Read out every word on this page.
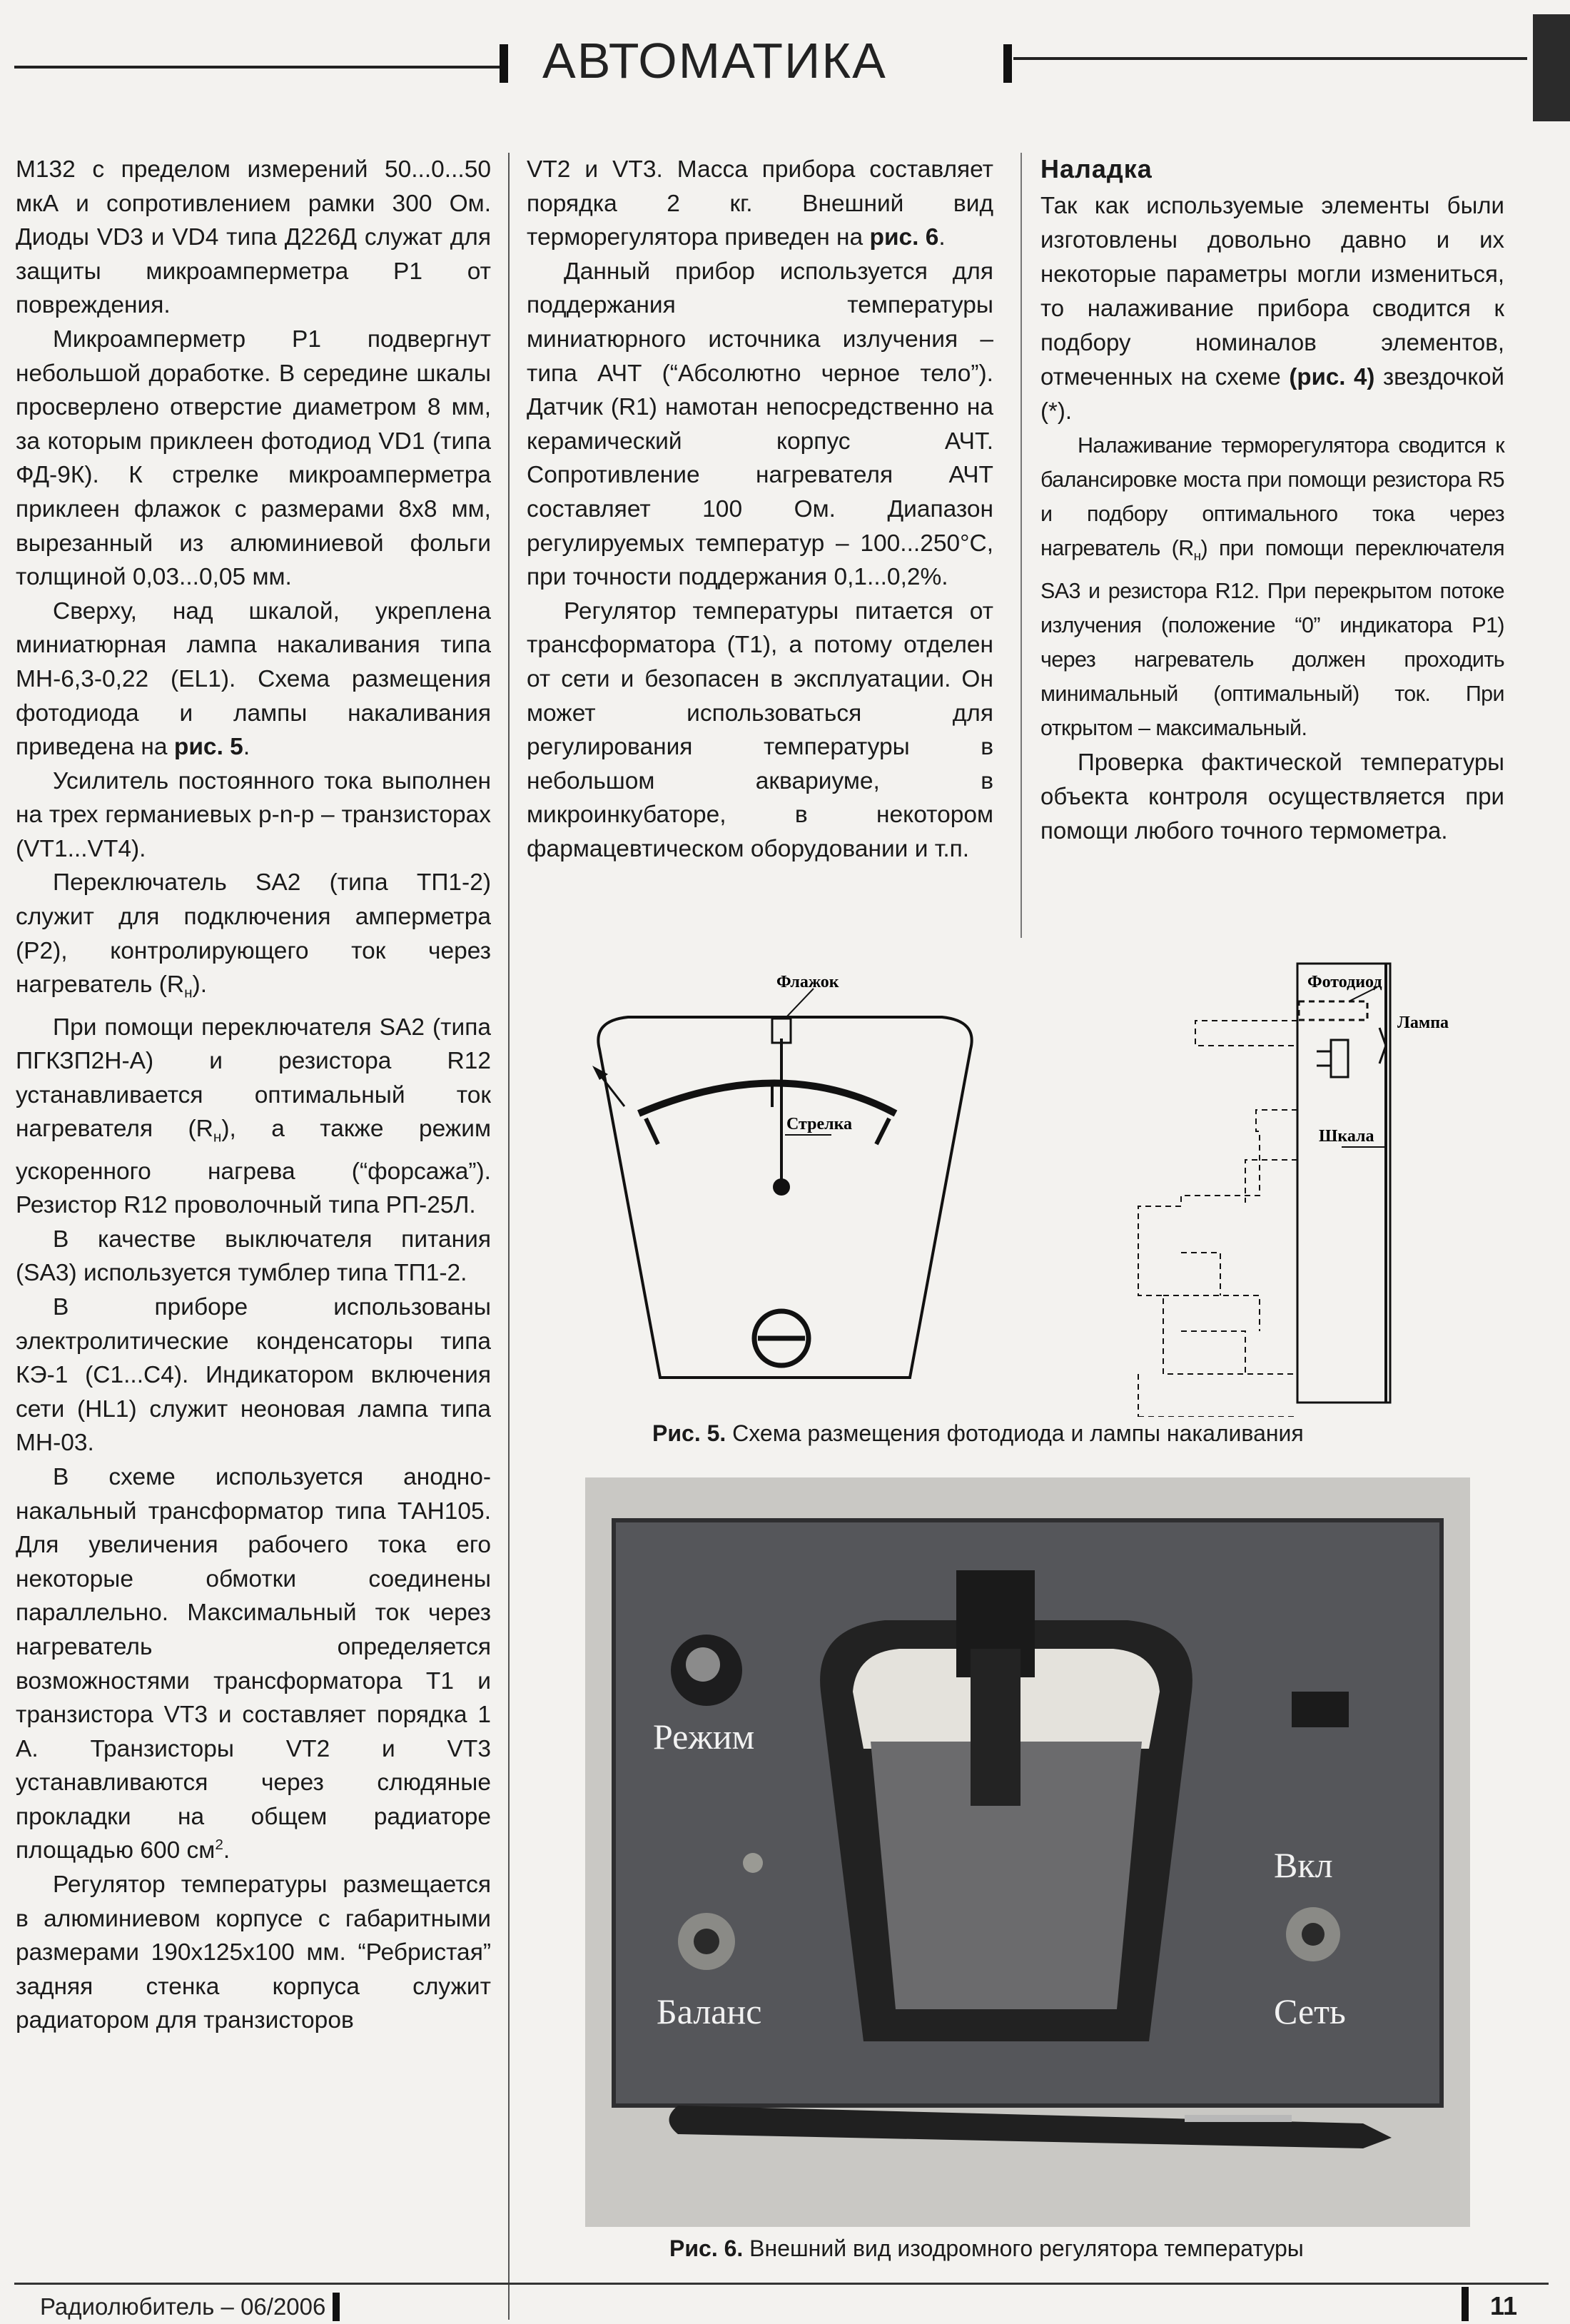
АВТОМАТИКА

М132 с пределом измерений 50...0...50 мкА и сопротивлением рамки 300 Ом. Диоды VD3 и VD4 типа Д226Д служат для защиты микроамперметра Р1 от повреждения.

Микроамперметр Р1 подвергнут небольшой доработке. В середине шкалы просверлено отверстие диаметром 8 мм, за которым приклеен фотодиод VD1 (типа ФД-9К). К стрелке микроамперметра приклеен флажок с размерами 8х8 мм, вырезанный из алюминиевой фольги толщиной 0,03...0,05 мм.

Сверху, над шкалой, укреплена миниатюрная лампа накаливания типа МН-6,3-0,22 (EL1). Схема размещения фотодиода и лампы накаливания приведена на рис. 5.

Усилитель постоянного тока выполнен на трех германиевых p-n-p – транзисторах (VT1...VT4).

Переключатель SA2 (типа ТП1-2) служит для подключения амперметра (Р2), контролирующего ток через нагреватель $(R_н)$.

При помощи переключателя SA2 (типа ПГКЗП2Н-А) и резистора R12 устанавливается оптимальный ток нагревателя $(R_н)$, а также режим ускоренного нагрева (“форсажа”). Резистор R12 проволочный типа РП-25Л.

В качестве выключателя питания (SA3) используется тумблер типа ТП1-2.

В приборе использованы электролитические конденсаторы типа КЭ-1 (С1...С4). Индикатором включения сети (HL1) служит неоновая лампа типа МН-03.

В схеме используется анодно-накальный трансформатор типа ТАН105. Для увеличения рабочего тока его некоторые обмотки соединены параллельно. Максимальный ток через нагреватель определяется возможностями трансформатора Т1 и транзистора VT3 и составляет порядка 1 А. Транзисторы VT2 и VT3 устанавливаются через слюдяные прокладки на общем радиаторе площадью 600 $см^2$.

Регулятор температуры размещается в алюминиевом корпусе с габаритными размерами 190х125х100 мм. “Ребристая” задняя стенка корпуса служит радиатором для транзисторов

VT2 и VT3. Масса прибора составляет порядка 2 кг. Внешний вид терморегулятора приведен на рис. 6.

Данный прибор используется для поддержания температуры миниатюрного источника излучения – типа АЧТ (“Абсолютно черное тело”). Датчик (R1) намотан непосредственно на керамический корпус АЧТ. Сопротивление нагревателя АЧТ составляет 100 Ом. Диапазон регулируемых температур – 100...250°С, при точности поддержания 0,1...0,2%.

Регулятор температуры питается от трансформатора (Т1), а потому отделен от сети и безопасен в эксплуатации. Он может использоваться для регулирования температуры в небольшом аквариуме, в микроинкубаторе, в некотором фармацевтическом оборудовании и т.п.

Наладка

Так как используемые элементы были изготовлены довольно давно и их некоторые параметры могли измениться, то налаживание прибора сводится к подбору номиналов элементов, отмеченных на схеме (рис. 4) звездочкой (*).

Налаживание терморегулятора сводится к балансировке моста при помощи резистора R5 и подбору оптимального тока через нагреватель $(R_н)$ при помощи переключателя SA3 и резистора R12. При перекрытом потоке излучения (положение “0” индикатора Р1) через нагреватель должен проходить минимальный (оптимальный) ток. При открытом – максимальный.

Проверка фактической температуры объекта контроля осуществляется при помощи любого точного термометра.

Флажок
Стрелка
Фотодиод
Лампа
Шкала
Рис. 5. Схема размещения фотодиода и лампы накаливания
Режим
Баланс
Вкл
Сеть
Рис. 6. Внешний вид изодромного регулятора температуры
Радиолюбитель – 06/2006	11
